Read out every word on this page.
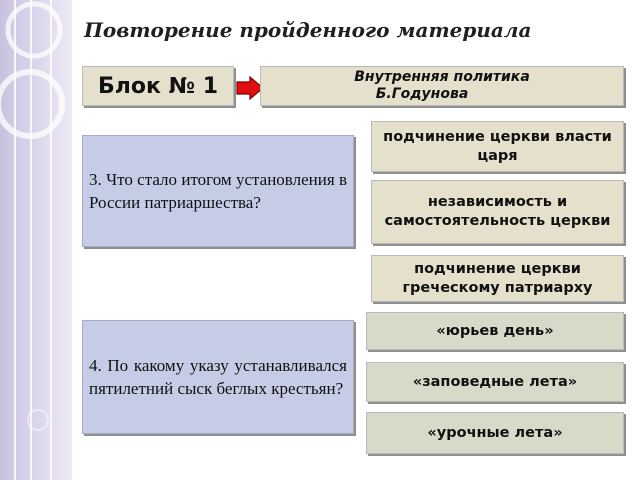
Повторение пройденного материала
Блок № 1	Внутренняя политика
Б.Годунова
3. Что стало итогом установления в России патриаршества?
подчинение церкви власти царя
независимость и самостоятельность церкви
подчинение церкви греческому патриарху
4. По какому указу устанавливался пятилетний сыск беглых крестьян?
«юрьев день»
«заповедные лета»
«урочные лета»
